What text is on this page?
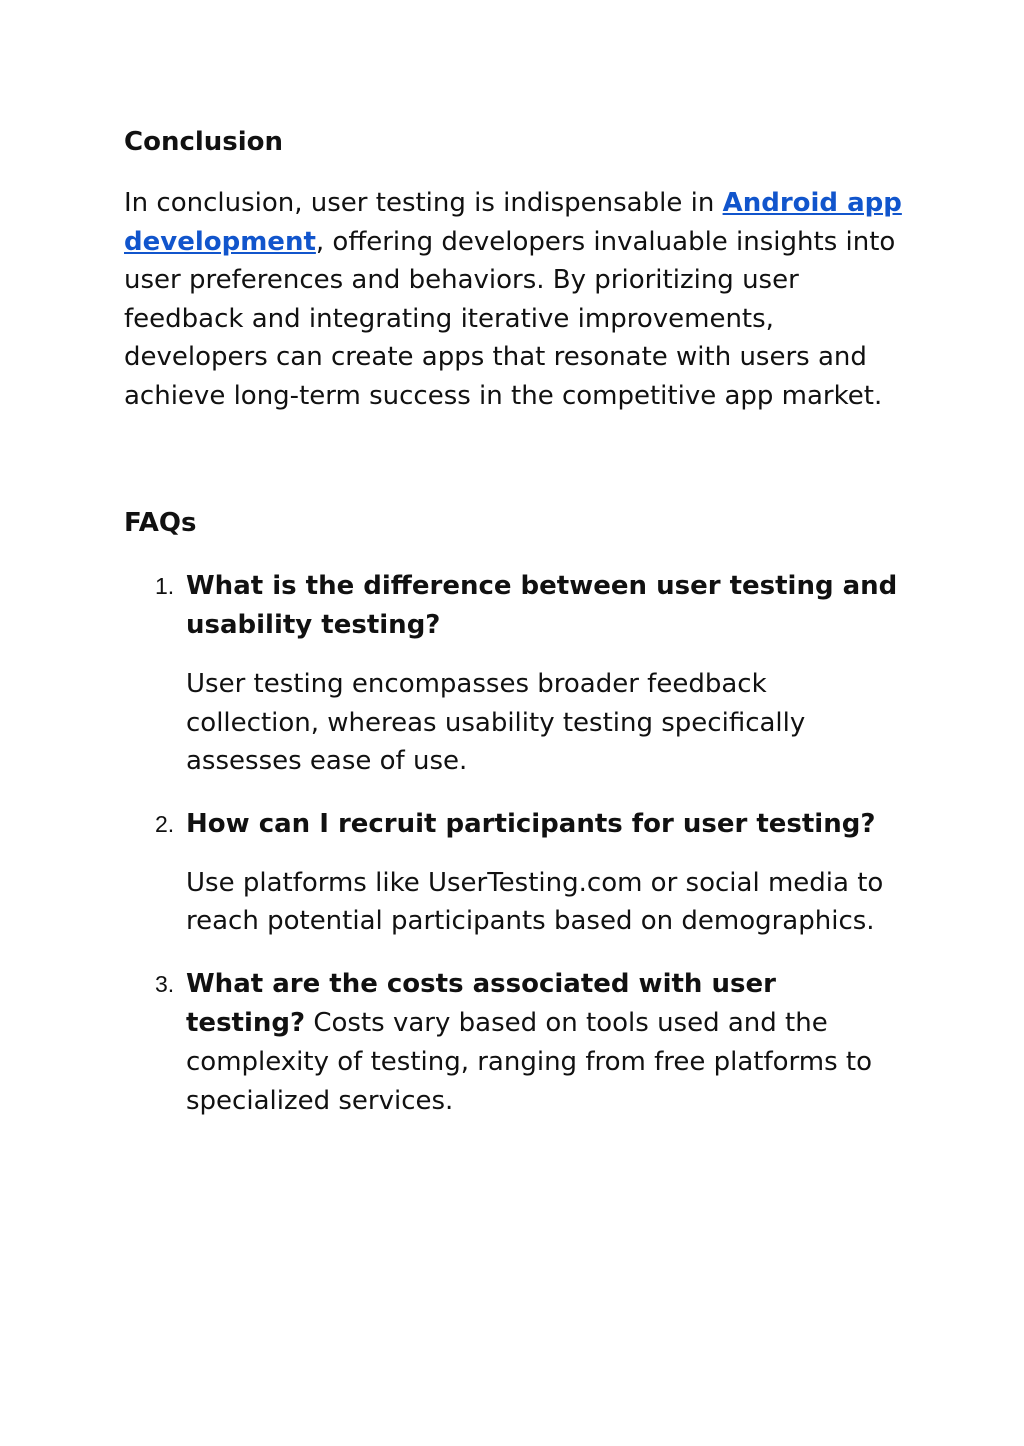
Conclusion

In conclusion, user testing is indispensable in Android app development, offering developers invaluable insights into user preferences and behaviors. By prioritizing user feedback and integrating iterative improvements, developers can create apps that resonate with users and achieve long-term success in the competitive app market.

FAQs
1. What is the difference between user testing and usability testing?

User testing encompasses broader feedback collection, whereas usability testing specifically assesses ease of use.

2. How can I recruit participants for user testing?

Use platforms like UserTesting.com or social media to reach potential participants based on demographics.

3. What are the costs associated with user testing? Costs vary based on tools used and the complexity of testing, ranging from free platforms to specialized services.
